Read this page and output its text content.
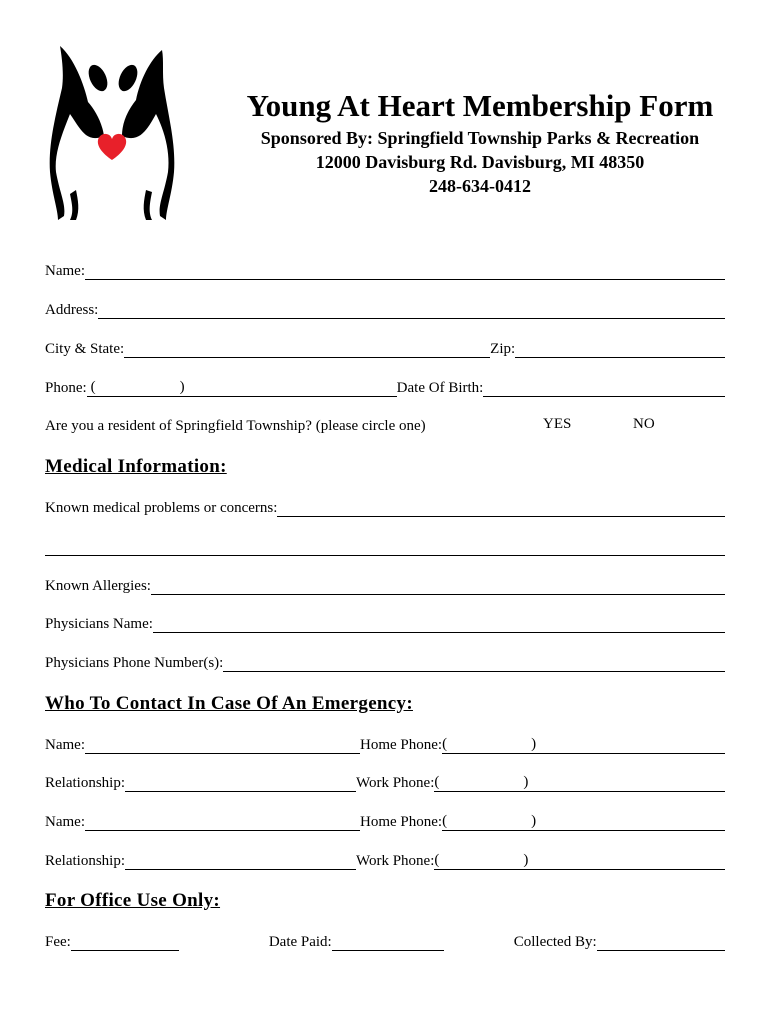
Young At Heart Membership Form
Sponsored By: Springfield Township Parks & Recreation
12000 Davisburg Rd. Davisburg, MI 48350
248-634-0412
Name:
Address:
City & State:	Zip:
Phone: (	)	Date Of Birth:
Are you a resident of Springfield Township? (please circle one)	YES	NO
Medical Information:
Known medical problems or concerns:
Known Allergies:
Physicians Name:
Physicians Phone Number(s):
Who To Contact In Case Of An Emergency:
Name:	Home Phone: (	)
Relationship:	Work Phone: (	)
Name:	Home Phone: (	)
Relationship:	Work Phone: (	)
For Office Use Only:
Fee:	Date Paid:	Collected By:
